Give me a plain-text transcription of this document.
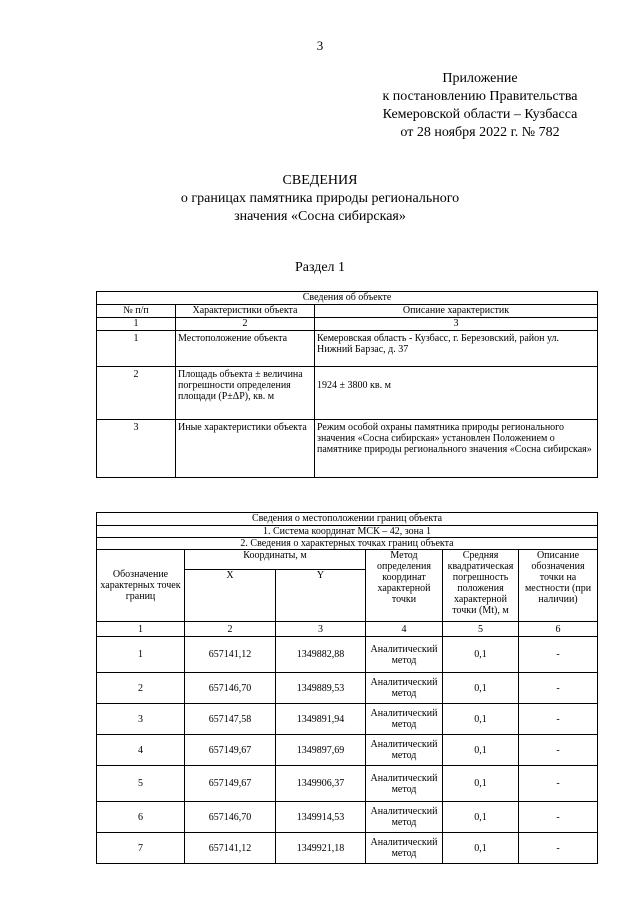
3
Приложение
к постановлению Правительства
Кемеровской области – Кузбасса
от 28 ноября 2022 г. № 782
СВЕДЕНИЯ
о границах памятника природы регионального
значения «Сосна сибирская»
Раздел 1
Сведения об объекте		
№ п/п	Характеристики объекта	Описание характеристик
1	2	3
1	Местоположение объекта	Кемеровская область - Кузбасс, г. Березовский, район ул. Нижний Барзас, д. 37
2	Площадь объекта ± величина погрешности определения площади (P±ΔP), кв. м	1924 ± 3800 кв. м
3	Иные характеристики объекта	Режим особой охраны памятника природы регионального значения «Сосна сибирская» установлен Положением о памятнике природы регионального значения «Сосна сибирская»
Сведения о местоположении границ объекта					
1. Система координат МСК – 42, зона 1					
2. Сведения о характерных точках границ объекта					
Обозначение характерных точек границ	Координаты, м		Метод определения координат характерной точки	Средняя квадратическая погрешность положения характерной точки (Mt), м	Описание обозначения точки на местности (при наличии)
	X	Y			
1	2	3	4	5	6
1	657141,12	1349882,88	Аналитический метод	0,1	-
2	657146,70	1349889,53	Аналитический метод	0,1	-
3	657147,58	1349891,94	Аналитический метод	0,1	-
4	657149,67	1349897,69	Аналитический метод	0,1	-
5	657149,67	1349906,37	Аналитический метод	0,1	-
6	657146,70	1349914,53	Аналитический метод	0,1	-
7	657141,12	1349921,18	Аналитический метод	0,1	-
